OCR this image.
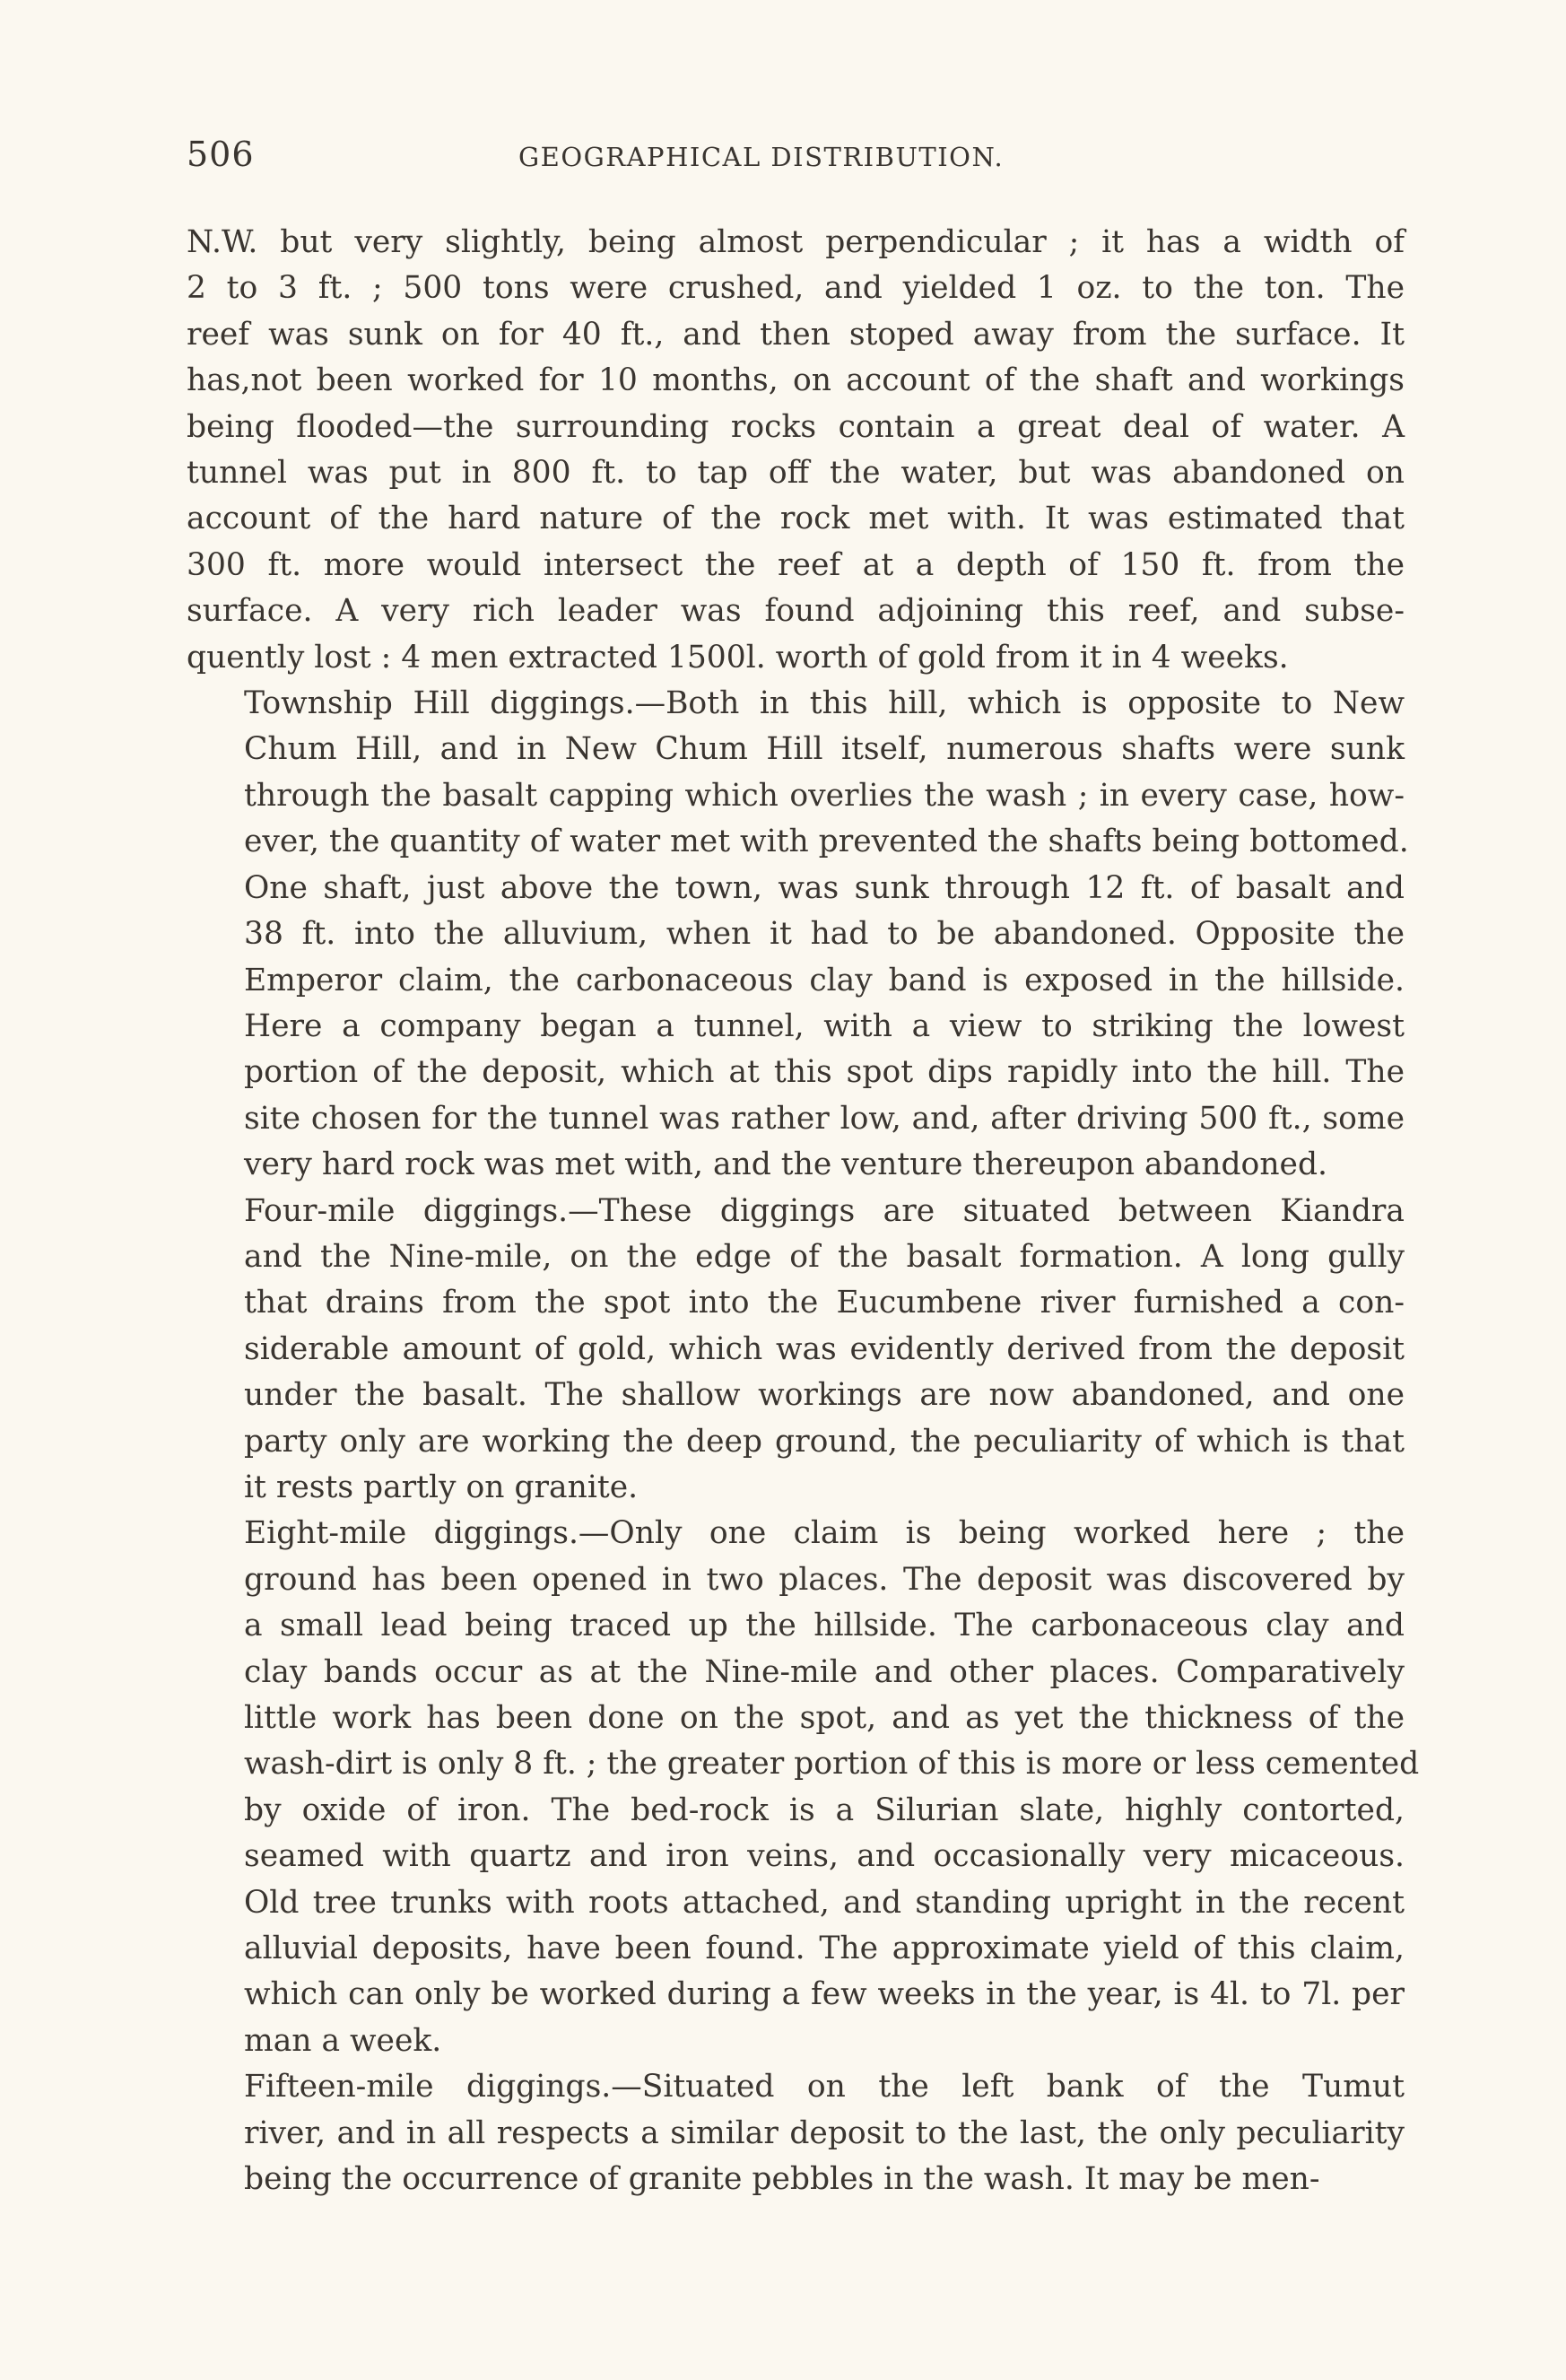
506	GEOGRAPHICAL DISTRIBUTION.

N.W. but very slightly, being almost perpendicular ; it has a width of
2 to 3 ft. ; 500 tons were crushed, and yielded 1 oz. to the ton. The
reef was sunk on for 40 ft., and then stoped away from the surface. It
has,not been worked for 10 months, on account of the shaft and workings
being flooded—the surrounding rocks contain a great deal of water. A
tunnel was put in 800 ft. to tap off the water, but was abandoned on
account of the hard nature of the rock met with. It was estimated that
300 ft. more would intersect the reef at a depth of 150 ft. from the
surface. A very rich leader was found adjoining this reef, and subse-
quently lost : 4 men extracted 1500l. worth of gold from it in 4 weeks.

Township Hill diggings.—Both in this hill, which is opposite to New
Chum Hill, and in New Chum Hill itself, numerous shafts were sunk
through the basalt capping which overlies the wash ; in every case, how-
ever, the quantity of water met with prevented the shafts being bottomed.
One shaft, just above the town, was sunk through 12 ft. of basalt and
38 ft. into the alluvium, when it had to be abandoned. Opposite the
Emperor claim, the carbonaceous clay band is exposed in the hillside.
Here a company began a tunnel, with a view to striking the lowest
portion of the deposit, which at this spot dips rapidly into the hill. The
site chosen for the tunnel was rather low, and, after driving 500 ft., some
very hard rock was met with, and the venture thereupon abandoned.

Four-mile diggings.—These diggings are situated between Kiandra
and the Nine-mile, on the edge of the basalt formation. A long gully
that drains from the spot into the Eucumbene river furnished a con-
siderable amount of gold, which was evidently derived from the deposit
under the basalt. The shallow workings are now abandoned, and one
party only are working the deep ground, the peculiarity of which is that
it rests partly on granite.

Eight-mile diggings.—Only one claim is being worked here ; the
ground has been opened in two places. The deposit was discovered by
a small lead being traced up the hillside. The carbonaceous clay and
clay bands occur as at the Nine-mile and other places. Comparatively
little work has been done on the spot, and as yet the thickness of the
wash-dirt is only 8 ft. ; the greater portion of this is more or less cemented
by oxide of iron. The bed-rock is a Silurian slate, highly contorted,
seamed with quartz and iron veins, and occasionally very micaceous.
Old tree trunks with roots attached, and standing upright in the recent
alluvial deposits, have been found. The approximate yield of this claim,
which can only be worked during a few weeks in the year, is 4l. to 7l. per
man a week.

Fifteen-mile diggings.—Situated on the left bank of the Tumut
river, and in all respects a similar deposit to the last, the only peculiarity
being the occurrence of granite pebbles in the wash. It may be men-
